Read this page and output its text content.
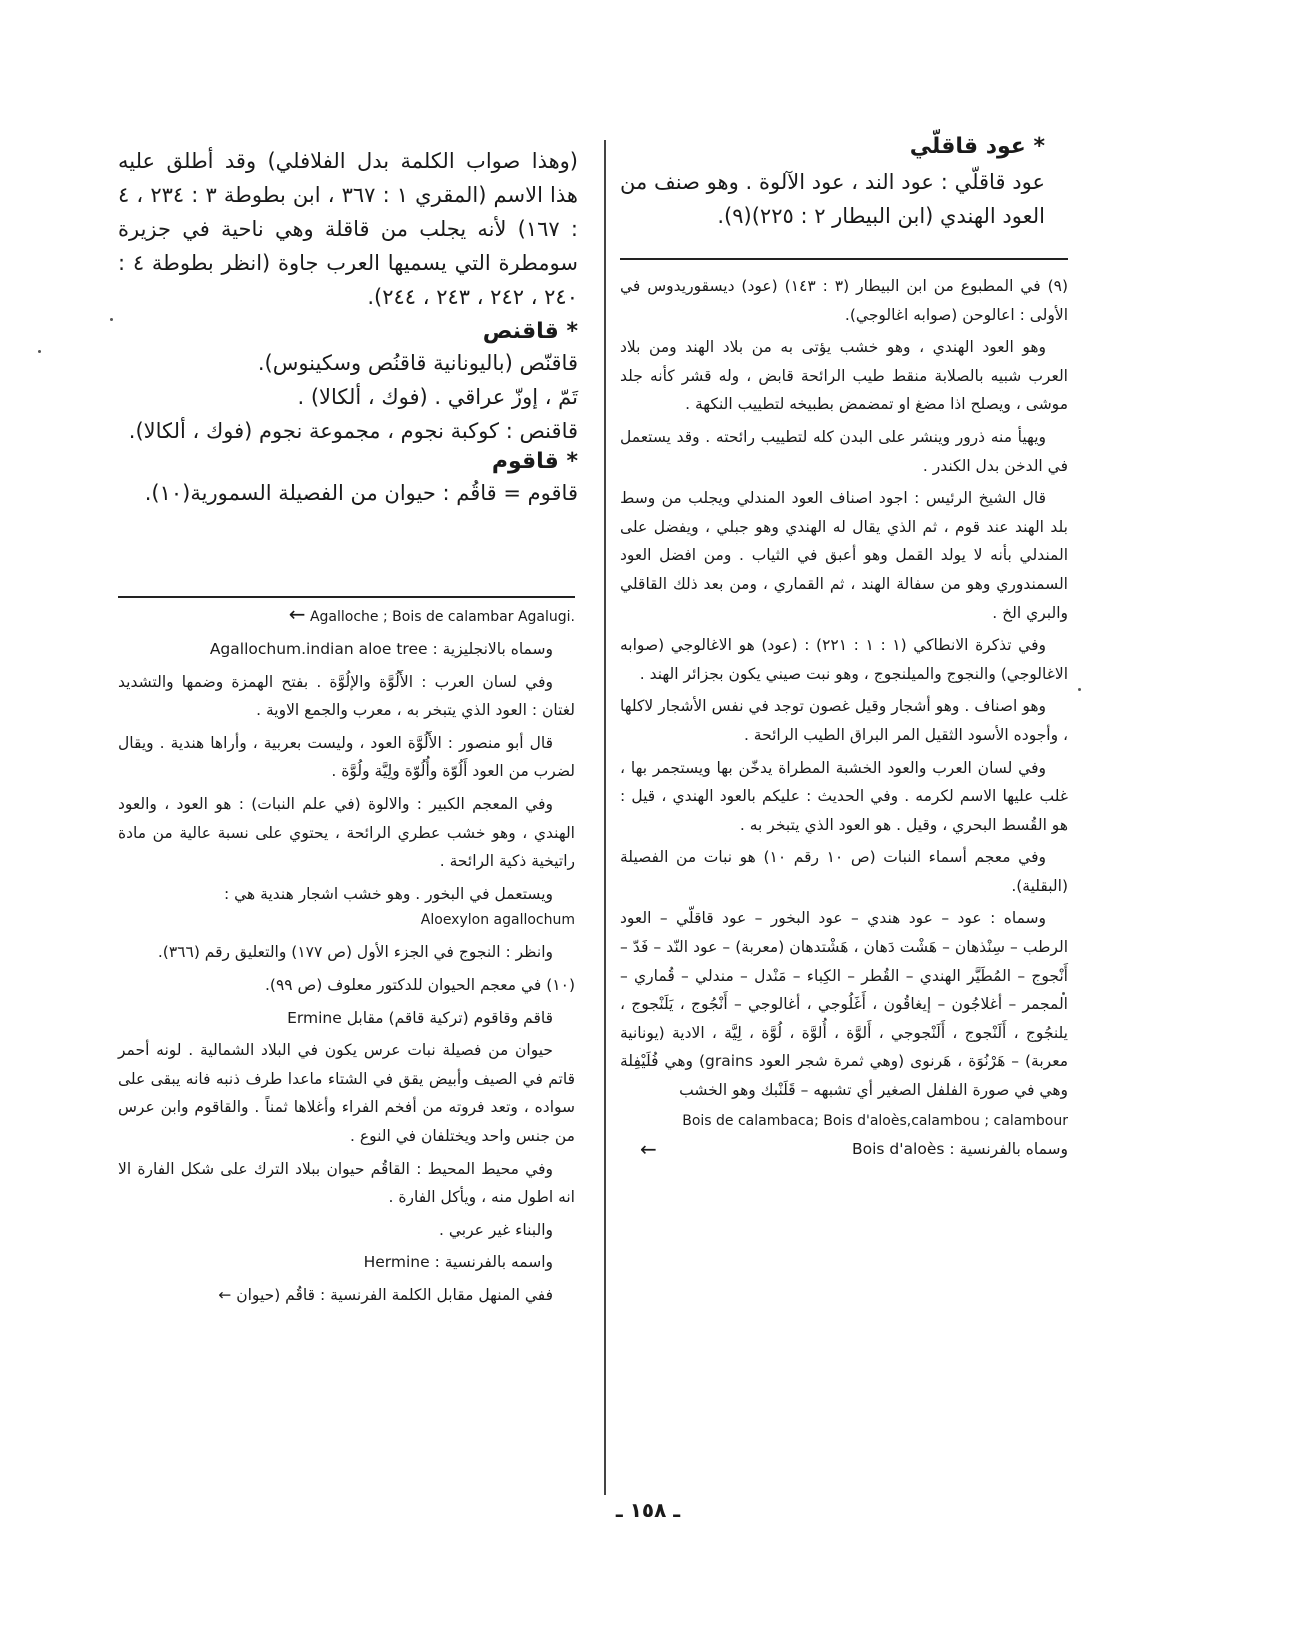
* عود قاقلّي

عود قاقلّي : عود الند ، عود الآلوة . وهو صنف من العود الهندي (ابن البيطار ٢ : ٢٢٥)(٩).

(وهذا صواب الكلمة بدل الفلافلي) وقد أطلق عليه هذا الاسم (المقري ١ : ٣٦٧ ، ابن بطوطة ٣ : ٢٣٤ ، ٤ : ١٦٧) لأنه يجلب من قاقلة وهي ناحية في جزيرة سومطرة التي يسميها العرب جاوة (انظر بطوطة ٤ : ٢٤٠ ، ٢٤٢ ، ٢٤٣ ، ٢٤٤).

* قاقنص

قاقنّص (باليونانية قاقنُص وسكينوس).

تَمّ ، إوزّ عراقي . (فوك ، ألكالا) .

قاقنص : كوكبة نجوم ، مجموعة نجوم (فوك ، ألكالا).

* قاقوم

قاقوم = قاقُم : حيوان من الفصيلة السمورية(١٠).

← Agalloche ; Bois de calambar Agalugi.

وسماه بالانجليزية : Agallochum.indian aloe tree

وفي لسان العرب : الأَلُوَّة والإلُوَّة . بفتح الهمزة وضمها والتشديد لغتان : العود الذي يتبخر به ، معرب والجمع الاوية .

قال أبو منصور : الأَلُوَّة العود ، وليست بعربية ، وأراها هندية . ويقال لضرب من العود أَلُوّة وأُلُوّة ولِيَّة ولُوَّة .

وفي المعجم الكبير : والالوة (في علم النبات) : هو العود ، والعود الهندي ، وهو خشب عطري الرائحة ، يحتوي على نسبة عالية من مادة راتيخية ذكية الرائحة .

ويستعمل في البخور . وهو خشب اشجار هندية هي :

Aloexylon agallochum

وانظر : النجوج في الجزء الأول (ص ١٧٧) والتعليق رقم (٣٦٦).

(١٠) في معجم الحيوان للدكتور معلوف (ص ٩٩).

قاقم وقاقوم (تركية قاقم) مقابل Ermine

حيوان من فصيلة نبات عرس يكون في البلاد الشمالية . لونه أحمر قاتم في الصيف وأبيض يقق في الشتاء ماعدا طرف ذنبه فانه يبقى على سواده ، وتعد فروته من أفخم الفراء وأغلاها ثمناً . والقاقوم وابن عرس من جنس واحد ويختلفان في النوع .

وفي محيط المحيط : القاقُم حيوان ببلاد الترك على شكل الفارة الا انه اطول منه ، ويأكل الفارة .

والبناء غير عربي .

واسمه بالفرنسية : Hermine

ففي المنهل مقابل الكلمة الفرنسية : قاقُم (حيوان ←

(٩) في المطبوع من ابن البيطار (٣ : ١٤٣) (عود) ديسقوريدوس في الأولى : اعالوحن (صوابه اغالوجي).

وهو العود الهندي ، وهو خشب يؤتى به من بلاد الهند ومن بلاد العرب شبيه بالصلابة منقط طيب الرائحة قابض ، وله قشر كأنه جلد موشى ، ويصلح اذا مضغ او تمضمض بطبيخه لتطييب النكهة .

ويهيأ منه ذرور وينشر على البدن كله لتطييب رائحته . وقد يستعمل في الدخن بدل الكندر .

قال الشيخ الرئيس : اجود اصناف العود المندلي ويجلب من وسط بلد الهند عند قوم ، ثم الذي يقال له الهندي وهو جبلي ، ويفضل على المندلي بأنه لا يولد القمل وهو أعبق في الثياب . ومن افضل العود السمندوري وهو من سفالة الهند ، ثم القماري ، ومن بعد ذلك القاقلي والبري الخ .

وفي تذكرة الانطاكي (١ : ١ : ٢٢١) : (عود) هو الاغالوجي (صوابه الاغالوجي) والنجوج والميلنجوج ، وهو نبت صيني يكون بجزائر الهند .

وهو اصناف . وهو أشجار وقيل غصون توجد في نفس الأشجار لاكلها ، وأجوده الأسود الثقيل المر البراق الطيب الرائحة .

وفي لسان العرب والعود الخشبة المطراة يدخّن بها ويستجمر بها ، غلب عليها الاسم لكرمه . وفي الحديث : عليكم بالعود الهندي ، قيل : هو القُسط البحري ، وقيل . هو العود الذي يتبخر به .

وفي معجم أسماء النبات (ص ١٠ رقم ١٠) هو نبات من الفصيلة (البقلية).

وسماه : عود – عود هندي – عود البخور – عود قاقلّي – العود الرطب – سِنْذهان – هَشْت دَهان ، هَشْتدهان (معربة) – عود النّد – فَدّ – أَنْجوج – المُطَيَّر الهندي – القُطر – الكِباء – مَنْدل – مندلي – قُماري – المجمر – أغلاجُون – إيغاقُون ، أَغَلُوجي ، أغالوجي – أَنْجُوج ، يَلَنْجوج ، يلنجُوج ، أَلَنْجوج ، أَلَنْجوجي ، أَلوَّة ، أُلوَّة ، لُوَّة ، لِيَّة ، الادية (يونانية معربة) – هَرْنُوَة ، هَرنوى (وهي ثمرة شجر العود grains) وهي فُلَيْفِلة وهي في صورة الفلفل الصغير أي تشبهه – قَلَنْبك وهو الخشب

Bois de calambaca; Bois d'aloès,calambou ; calambour

وسماه بالفرنسية : Bois d'aloès
←

ـ ١٥٨ ـ
